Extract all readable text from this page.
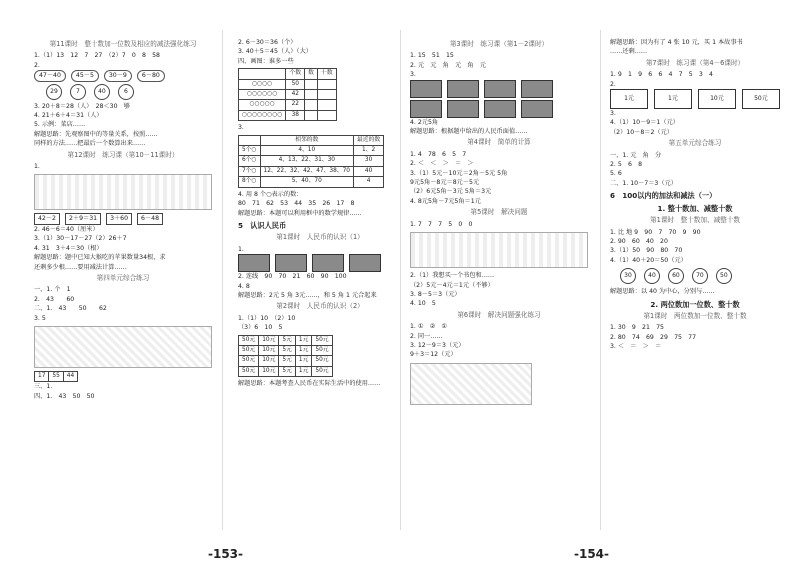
第11课时　整十数加一位数及相应的减法强化练习
1.（1）13　12　7　27　（2）7　0　8　58
2.
47－40 45－5 30－9 6－80
29	7	40	6
3. 20＋8＝28（人）　28＜30　够
4. 21＋6＋4＝31（人）
5. 示例：菜店……
解题思路：先观察图中的等量关系，按照……
同样的方法……把最后一个数算出来……
第12课时　练习课（第10－11课时）
1.
42－2 2＋9＝31 3＋60 6－48
2. 46－6＝40（厘米）
3.（1）30－17－27（2）26＋7
4. 31　3＋4＝30（根）
解题思路：题中已知大猴吃的苹果数量34根，求
还剩多少根……要用减法计算……
第四单元综合练习
一、1. 个　1
2.　43　　60
二、1.　43　　50　　62
3. 5
17	55	44
三、1.
四、1.　43　50　50
2. 6－30＝36（个）
3. 40＋5＝45（人）（大）
四、画图：谁多一些
	个数	数	十数
○○○○	50		
○○○○○○	42		
○○○○○	22		
○○○○○○○○	38		
3.
	相邻的数	最近的数
5个○	4、10	1、2
6个○	4、13、22、31、30	30
7个○	12、22、32、42、47、38、70	40
8个○	5、40、70	4
4. 用 8 个○表示的数：
80　71　62　53　44　35　26　17　8
解题思路：本题可以利用框中的数学规律……
5　认识人民币
第1课时　人民币的认识（1）
1.

2. 连线　90　70　21　60　90　100
4. 8
解题思路：2元 5 角 3元……，和 5 角 1 元合起来
第2课时　人民币的认识（2）
1.（1）10　（2）10
（3）6　10　5
50元	10元	5元	1元	50元
50元	10元	5元	1元	50元
50元	10元	5元	1元	50元
50元	10元	5元	1元	50元
解题思路：本题考查人民币在实际生活中的使用……
第3课时　练习课（第1－2课时）
1. 15　51　15
2. 元　元　角　元　角　元
3.

4. 2元5角
解题思路：根据题中给出的人民币面值……
第4课时　简单的计算
1. 4　78　6　5　7
2. ＜　＜　＞　＝　＞
3.（1）5元－10元＝2角－5元 5角
9元5角－8元＝8元－5元
（2）6元5角－3元 5角＝3元
4. 8元5角－7元5角＝1元
第5课时　解决问题
1. 7　7　7　5　0　0
2.（1）我想买一个书包和……
（2）5元－4元＝1元（不够）
3. 8－5＝3（元）
4. 10　5
第6课时　解决问题强化练习
1. ①　②　①
2. 同一……
3. 12－9＝3（元）
9＋3＝12（元）
解题思路：因为有了 4 张 10 元，买 1 本故事书
……还剩……
第7课时　练习课（第4－6课时）
1. 9　1　9　6　6　4　7　5　3　4
2.
1元	1元	10元	50元
3.
4.（1）10－9＝1（元）
（2）10－8＝2（元）
第五单元综合练习
一、1. 元　角　分
2. 5　6　8
5. 6
二、1. 10－7＝3（元）
6　100以内的加法和减法（一）
1. 整十数加、减整十数
第1课时　整十数加、减整十数
1. 比 地 9　90　7　70　9　90
2. 90　60　40　20
3.（1）50　90　80　70
4.（1）40＋20＝50（元）
30	40	60	70	50
解题思路：以 40 为中心，分别与……
2. 两位数加一位数、整十数
第1课时　两位数加一位数、整十数
1. 30　9　21　75
2. 80　74　69　29　75　77
3. ＜　＝　＞　＝
-153-	-154-
